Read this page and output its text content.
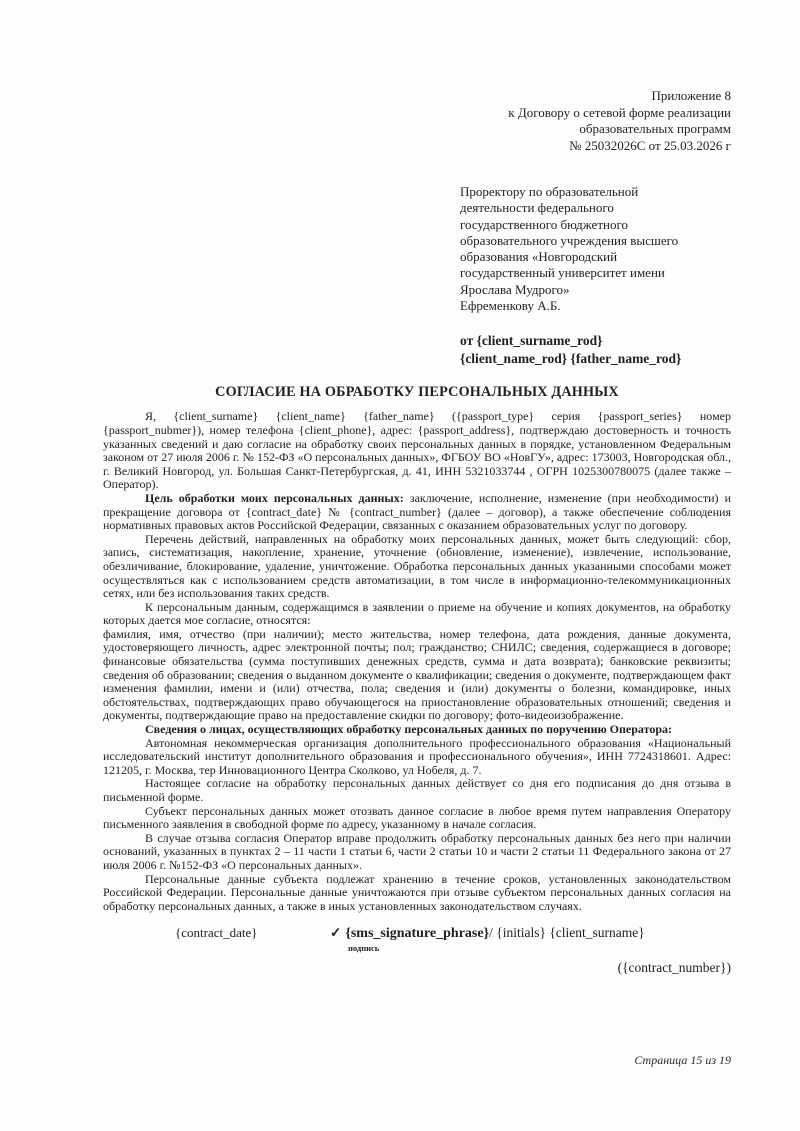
Приложение 8
к Договору о сетевой форме реализации
образовательных программ
№ 25032026С от 25.03.2026 г
Проректору по образовательной
деятельности федерального
государственного бюджетного
образовательного учреждения высшего
образования «Новгородский
государственный университет имени
Ярослава Мудрого»
Ефременкову А.Б.
от {client_surname_rod}
{client_name_rod} {father_name_rod}
СОГЛАСИЕ НА ОБРАБОТКУ ПЕРСОНАЛЬНЫХ ДАННЫХ

Я, {client_surname} {client_name} {father_name} ({passport_type} серия {passport_series} номер {passport_nubmer}), номер телефона {client_phone}, адрес: {passport_address}, подтверждаю достоверность и точность указанных сведений и даю согласие на обработку своих персональных данных в порядке, установленном Федеральным законом от 27 июля 2006 г. № 152-ФЗ «О персональных данных», ФГБОУ ВО «НовГУ», адрес: 173003, Новгородская обл., г. Великий Новгород, ул. Большая Санкт-Петербургская, д. 41, ИНН 5321033744 , ОГРН 1025300780075 (далее также – Оператор).

Цель обработки моих персональных данных: заключение, исполнение, изменение (при необходимости) и прекращение договора от {contract_date} № {contract_number} (далее – договор), а также обеспечение соблюдения нормативных правовых актов Российской Федерации, связанных с оказанием образовательных услуг по договору.

Перечень действий, направленных на обработку моих персональных данных, может быть следующий: сбор, запись, систематизация, накопление, хранение, уточнение (обновление, изменение), извлечение, использование, обезличивание, блокирование, удаление, уничтожение. Обработка персональных данных указанными способами может осуществляться как с использованием средств автоматизации, в том числе в информационно-телекоммуникационных сетях, или без использования таких средств.

К персональным данным, содержащимся в заявлении о приеме на обучение и копиях документов, на обработку которых дается мое согласие, относятся:

фамилия, имя, отчество (при наличии); место жительства, номер телефона, дата рождения, данные документа, удостоверяющего личность, адрес электронной почты; пол; гражданство; СНИЛС; сведения, содержащиеся в договоре; финансовые обязательства (сумма поступивших денежных средств, сумма и дата возврата); банковские реквизиты; сведения об образовании; сведения о выданном документе о квалификации; сведения о документе, подтверждающем факт изменения фамилии, имени и (или) отчества, пола; сведения и (или) документы о болезни, командировке, иных обстоятельствах, подтверждающих право обучающегося на приостановление образовательных отношений; сведения и документы, подтверждающие право на предоставление скидки по договору; фото-видеоизображение.

Сведения о лицах, осуществляющих обработку персональных данных по поручению Оператора:

Автономная некоммерческая организация дополнительного профессионального образования «Национальный исследовательский институт дополнительного образования и профессионального обучения», ИНН 7724318601. Адрес: 121205, г. Москва, тер Инновационного Центра Сколково, ул Нобеля, д. 7.

Настоящее согласие на обработку персональных данных действует со дня его подписания до дня отзыва в письменной форме.

Субъект персональных данных может отозвать данное согласие в любое время путем направления Оператору письменного заявления в свободной форме по адресу, указанному в начале согласия.

В случае отзыва согласия Оператор вправе продолжить обработку персональных данных без него при наличии оснований, указанных в пунктах 2 – 11 части 1 статьи 6, части 2 статьи 10 и части 2 статьи 11 Федерального закона от 27 июля 2006 г. №152-ФЗ «О персональных данных».

Персональные данные субъекта подлежат хранению в течение сроков, установленных законодательством Российской Федерации. Персональные данные уничтожаются при отзыве субъектом персональных данных согласия на обработку персональных данных, а также в иных установленных законодательством случаях.

{contract_date}	✓ {sms_signature_phrase}/ {initials} {client_surname}
подпись
({contract_number})
Страница 15 из 19
